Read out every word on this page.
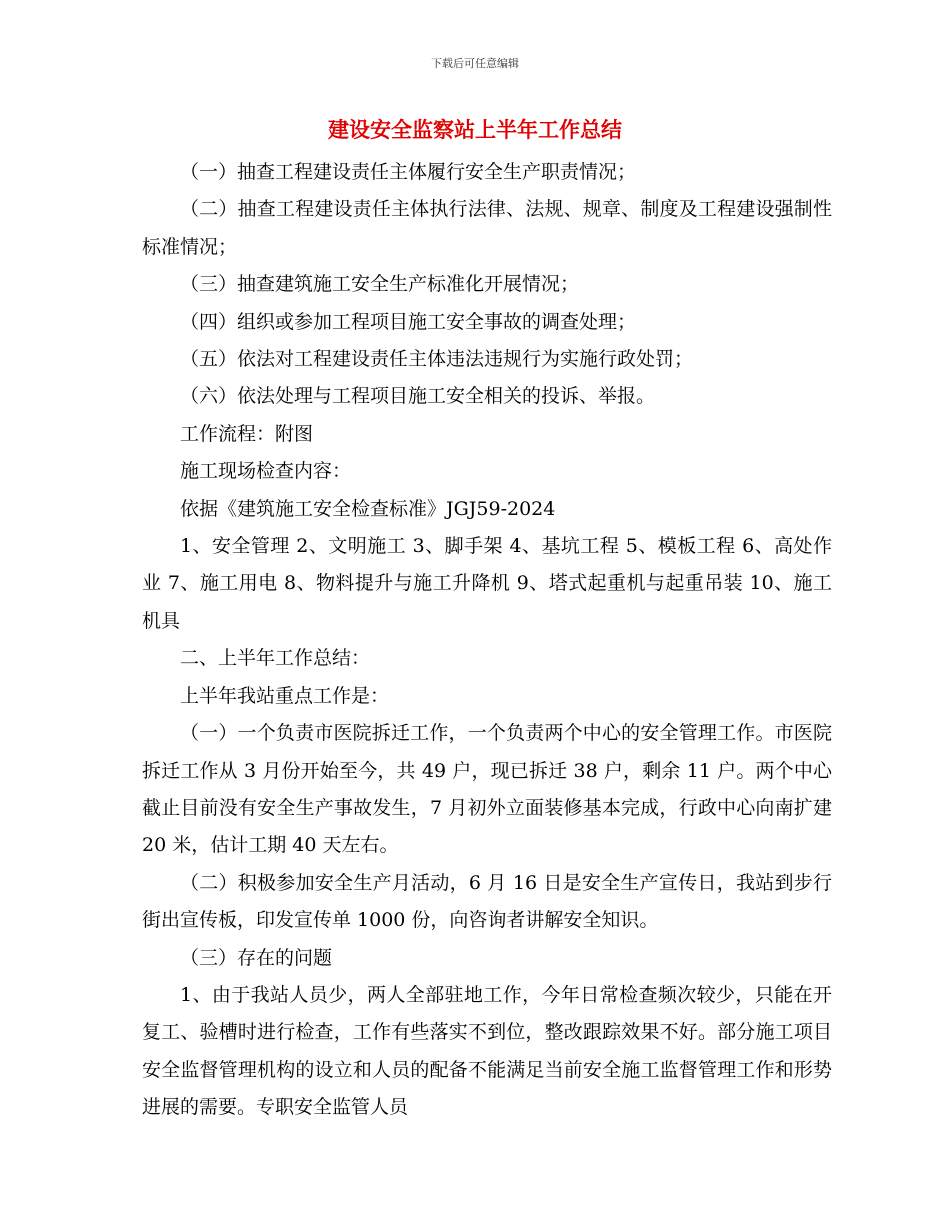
下载后可任意编辑
建设安全监察站上半年工作总结

（一）抽查工程建设责任主体履行安全生产职责情况；

（二）抽查工程建设责任主体执行法律、法规、规章、制度及工程建设强制性标准情况；

（三）抽查建筑施工安全生产标准化开展情况；

（四）组织或参加工程项目施工安全事故的调查处理；

（五）依法对工程建设责任主体违法违规行为实施行政处罚；

（六）依法处理与工程项目施工安全相关的投诉、举报。

工作流程：附图

施工现场检查内容：

依据《建筑施工安全检查标准》JGJ59-2024

1、安全管理 2、文明施工 3、脚手架 4、基坑工程 5、模板工程 6、高处作业 7、施工用电 8、物料提升与施工升降机 9、塔式起重机与起重吊装 10、施工机具

二、上半年工作总结：

上半年我站重点工作是：

（一）一个负责市医院拆迁工作，一个负责两个中心的安全管理工作。市医院拆迁工作从 3 月份开始至今，共 49 户，现已拆迁 38 户，剩余 11 户。两个中心截止目前没有安全生产事故发生，7 月初外立面装修基本完成，行政中心向南扩建 20 米，估计工期 40 天左右。

（二）积极参加安全生产月活动，6 月 16 日是安全生产宣传日，我站到步行街出宣传板，印发宣传单 1000 份，向咨询者讲解安全知识。

（三）存在的问题

1、由于我站人员少，两人全部驻地工作，今年日常检查频次较少，只能在开复工、验槽时进行检查，工作有些落实不到位，整改跟踪效果不好。部分施工项目安全监督管理机构的设立和人员的配备不能满足当前安全施工监督管理工作和形势进展的需要。专职安全监管人员
